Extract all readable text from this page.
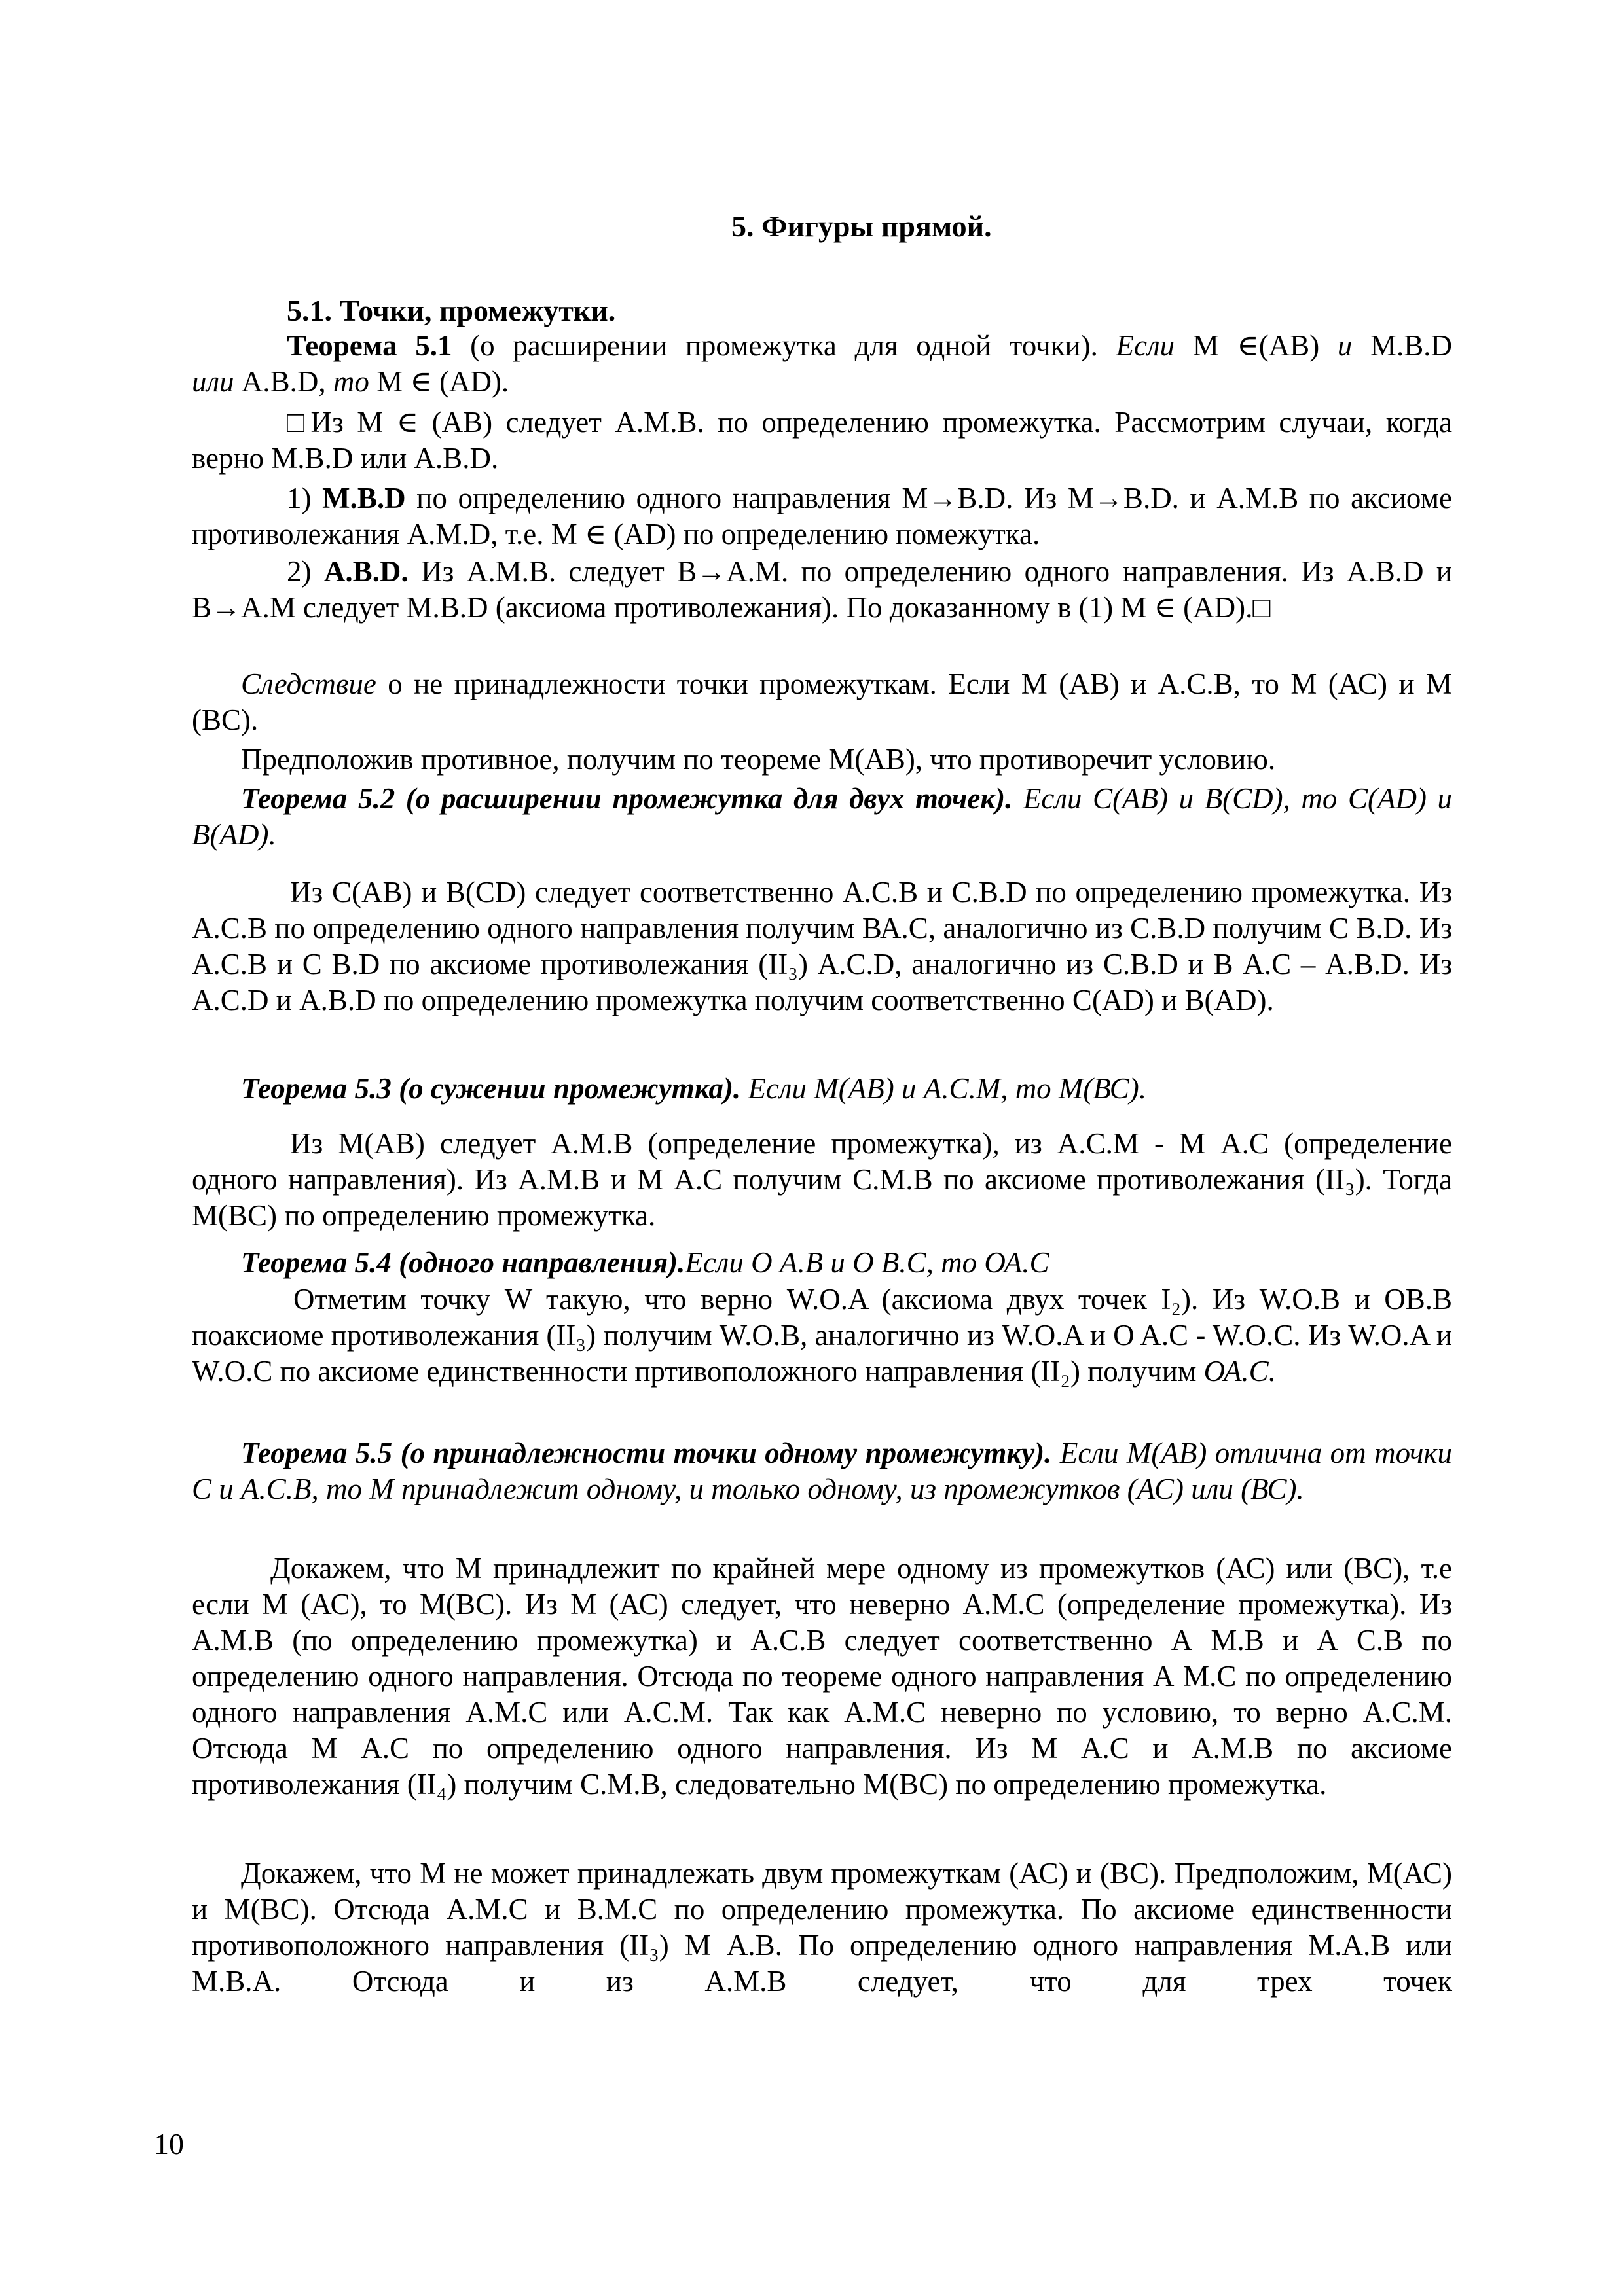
5. Фигуры прямой.
5.1. Точки, промежутки.

Теорема 5.1 (о расширении промежутка для одной точки). Если М ∈(АВ) и М.В.D

или А.В.D, то М ∈ (АD).

□Из М ∈ (АВ) следует А.М.В. по определению промежутка. Рассмотрим случаи, когда верно М.В.D или А.В.D.

1) M.B.D по определению одного направления М→В.D. Из М→В.D. и А.М.В по аксиоме противолежания А.М.D, т.е. М ∈ (АD) по определению помежутка.

2) A.B.D. Из А.М.В. следует В→А.М. по определению одного направления. Из А.В.D и В→А.М следует М.В.D (аксиома противолежания). По доказанному в (1) М ∈ (АD).□

Следствие о не принадлежности точки промежуткам. Если М (АВ) и А.С.В, то М (АС) и М (ВС).

Предположив противное, получим по теореме М(АВ), что противоречит условию.

Теорема 5.2 (о расширении промежутка для двух точек). Если С(АВ) и В(СD), то С(АD) и В(АD).

Из С(АВ) и В(СD) следует соответственно А.С.В и С.В.D по определению промежутка. Из А.С.В по определению одного направления получим ВА.С, аналогично из С.В.D получим С В.D. Из А.С.В и С В.D по аксиоме противолежания (II₃) А.С.D, аналогично из С.В.D и В А.С – А.В.D. Из А.С.D и А.В.D по определению промежутка получим соответственно С(АD) и В(АD).

Теорема 5.3 (о сужении промежутка). Если М(АВ) и А.С.М, то М(ВС).

Из М(АВ) следует А.М.В (определение промежутка), из А.С.М - М А.С (определение одного направления). Из А.М.В и М А.С получим С.М.В по аксиоме противолежания (II₃). Тогда М(ВС) по определению промежутка.

Теорема 5.4 (одного направления).Если О А.В и О В.С, то ОА.С

Отметим точку W такую, что верно W.O.A (аксиома двух точек I₂). Из W.O.B и OB.B поаксиоме противолежания (II₃) получим W.O.B, аналогично из W.O.A и O A.C - W.O.C. Из W.O.A и W.O.C по аксиоме единственности пртивоположного направления (II₂) получим ОА.С.

Теорема 5.5 (о принадлежности точки одному промежутку). Если М(АВ) отлична от точки С и А.С.В, то М принадлежит одному, и только одному, из промежутков (АС) или (ВС).

Докажем, что М принадлежит по крайней мере одному из промежутков (АС) или (ВС), т.е если М (АС), то М(ВС). Из М (АС) следует, что неверно А.М.С (определение промежутка). Из А.М.В (по определению промежутка) и А.С.В следует соответственно А М.В и А С.В по определению одного направления. Отсюда по теореме одного направления А М.С по определению одного направления А.М.С или А.С.М. Так как А.М.С неверно по условию, то верно А.С.М. Отсюда М А.С по определению одного направления. Из М А.С и А.М.В по аксиоме противолежания (II₄) получим С.М.В, следовательно М(ВС) по определению промежутка.

Докажем, что М не может принадлежать двум промежуткам (АС) и (ВС). Предположим, М(АС) и М(ВС). Отсюда А.М.С и В.М.С по определению промежутка. По аксиоме единственности противоположного направления (II₃) М А.В. По определению одного направления М.А.В или М.В.А. Отсюда и из А.М.В следует, что для трех точек

10
